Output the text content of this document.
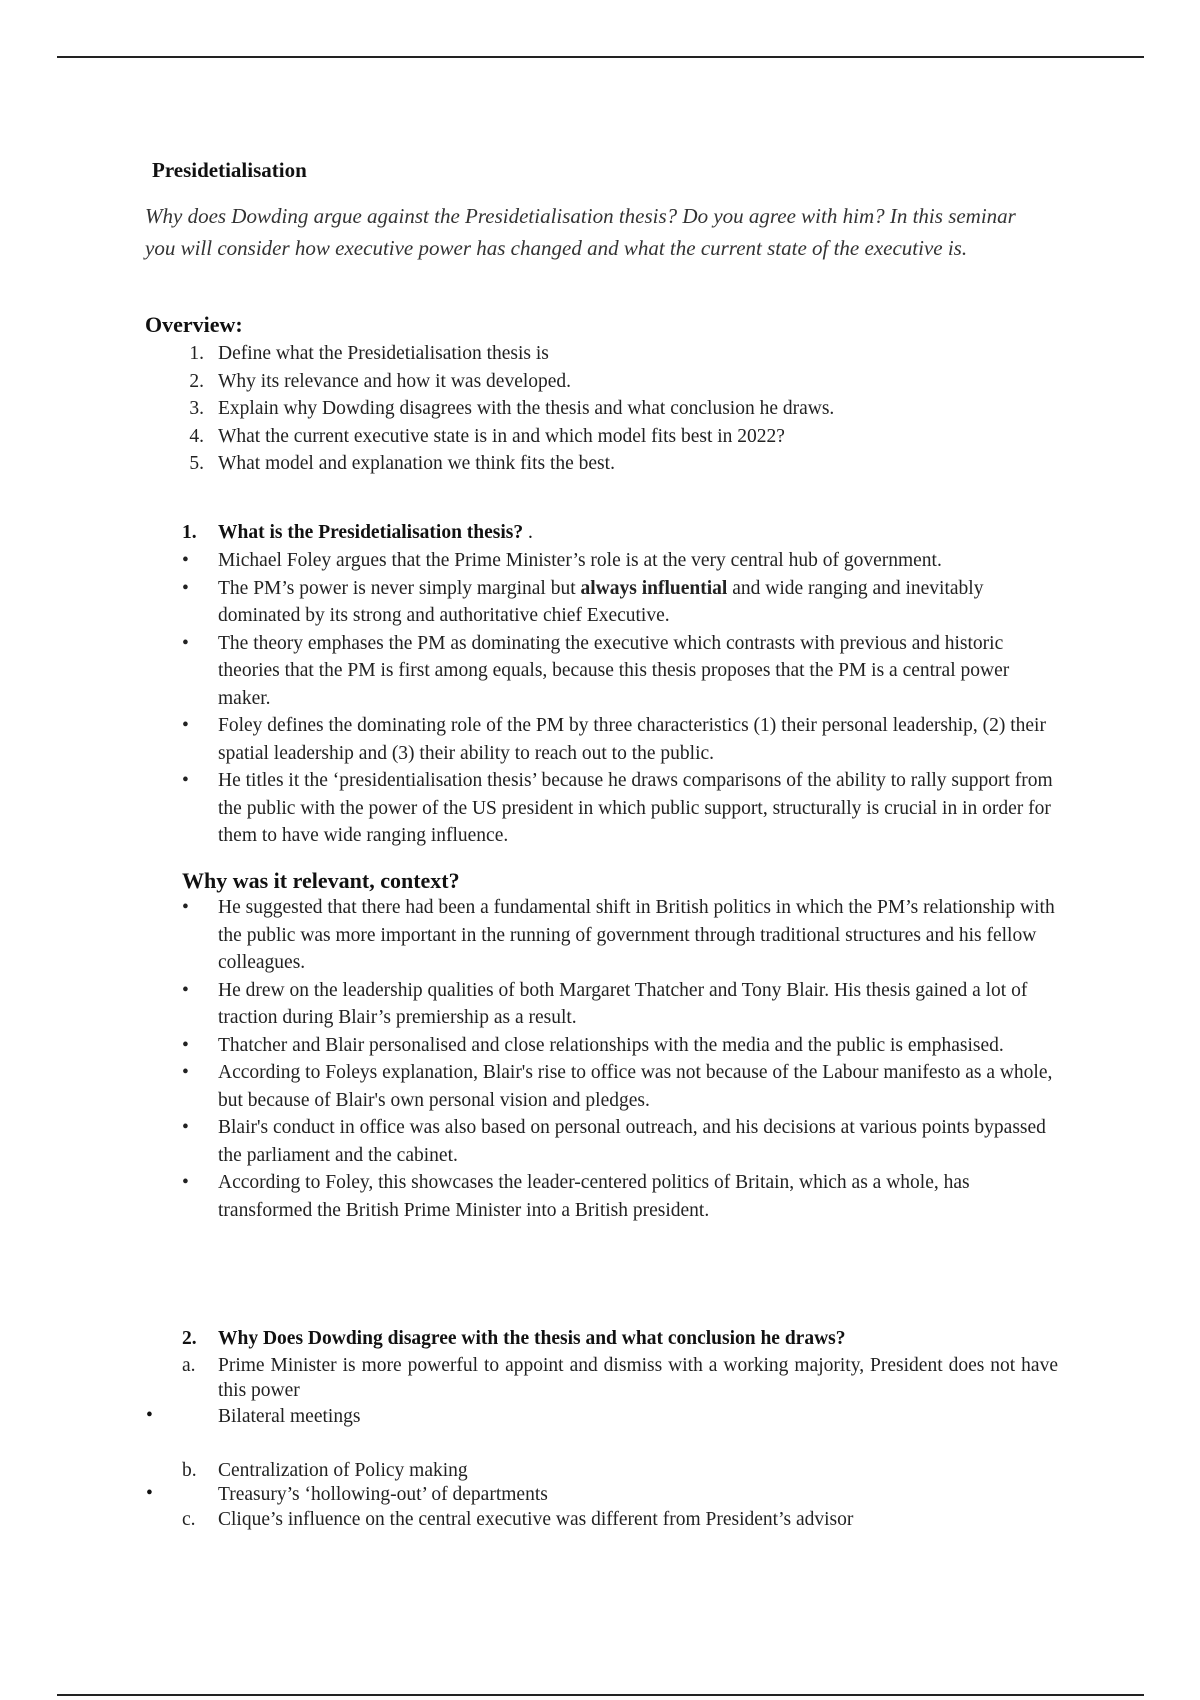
Presidetialisation
Why does Dowding argue against the Presidetialisation thesis? Do you agree with him? In this seminar you will consider how executive power has changed and what the current state of the executive is.
Overview:
1. Define what the Presidetialisation thesis is
2. Why its relevance and how it was developed.
3. Explain why Dowding disagrees with the thesis and what conclusion he draws.
4. What the current executive state is in and which model fits best in 2022?
5. What model and explanation we think fits the best.
1. What is the Presidetialisation thesis? .
• Michael Foley argues that the Prime Minister’s role is at the very central hub of government.
• The PM’s power is never simply marginal but always influential and wide ranging and inevitably dominated by its strong and authoritative chief Executive.
• The theory emphases the PM as dominating the executive which contrasts with previous and historic theories that the PM is first among equals, because this thesis proposes that the PM is a central power maker.
• Foley defines the dominating role of the PM by three characteristics (1) their personal leadership, (2) their spatial leadership and (3) their ability to reach out to the public.
• He titles it the ‘presidentialisation thesis’ because he draws comparisons of the ability to rally support from the public with the power of the US president in which public support, structurally is crucial in in order for them to have wide ranging influence.
Why was it relevant, context?
• He suggested that there had been a fundamental shift in British politics in which the PM’s relationship with the public was more important in the running of government through traditional structures and his fellow colleagues.
• He drew on the leadership qualities of both Margaret Thatcher and Tony Blair. His thesis gained a lot of traction during Blair’s premiership as a result.
• Thatcher and Blair personalised and close relationships with the media and the public is emphasised.
• According to Foleys explanation, Blair's rise to office was not because of the Labour manifesto as a whole, but because of Blair's own personal vision and pledges.
• Blair's conduct in office was also based on personal outreach, and his decisions at various points bypassed the parliament and the cabinet.
• According to Foley, this showcases the leader-centered politics of Britain, which as a whole, has transformed the British Prime Minister into a British president.
2. Why Does Dowding disagree with the thesis and what conclusion he draws?
a. Prime Minister is more powerful to appoint and dismiss with a working majority, President does not have this power
•	Bilateral meetings
b. Centralization of Policy making
•	Treasury’s ‘hollowing-out’ of departments
c. Clique’s influence on the central executive was different from President’s advisor
